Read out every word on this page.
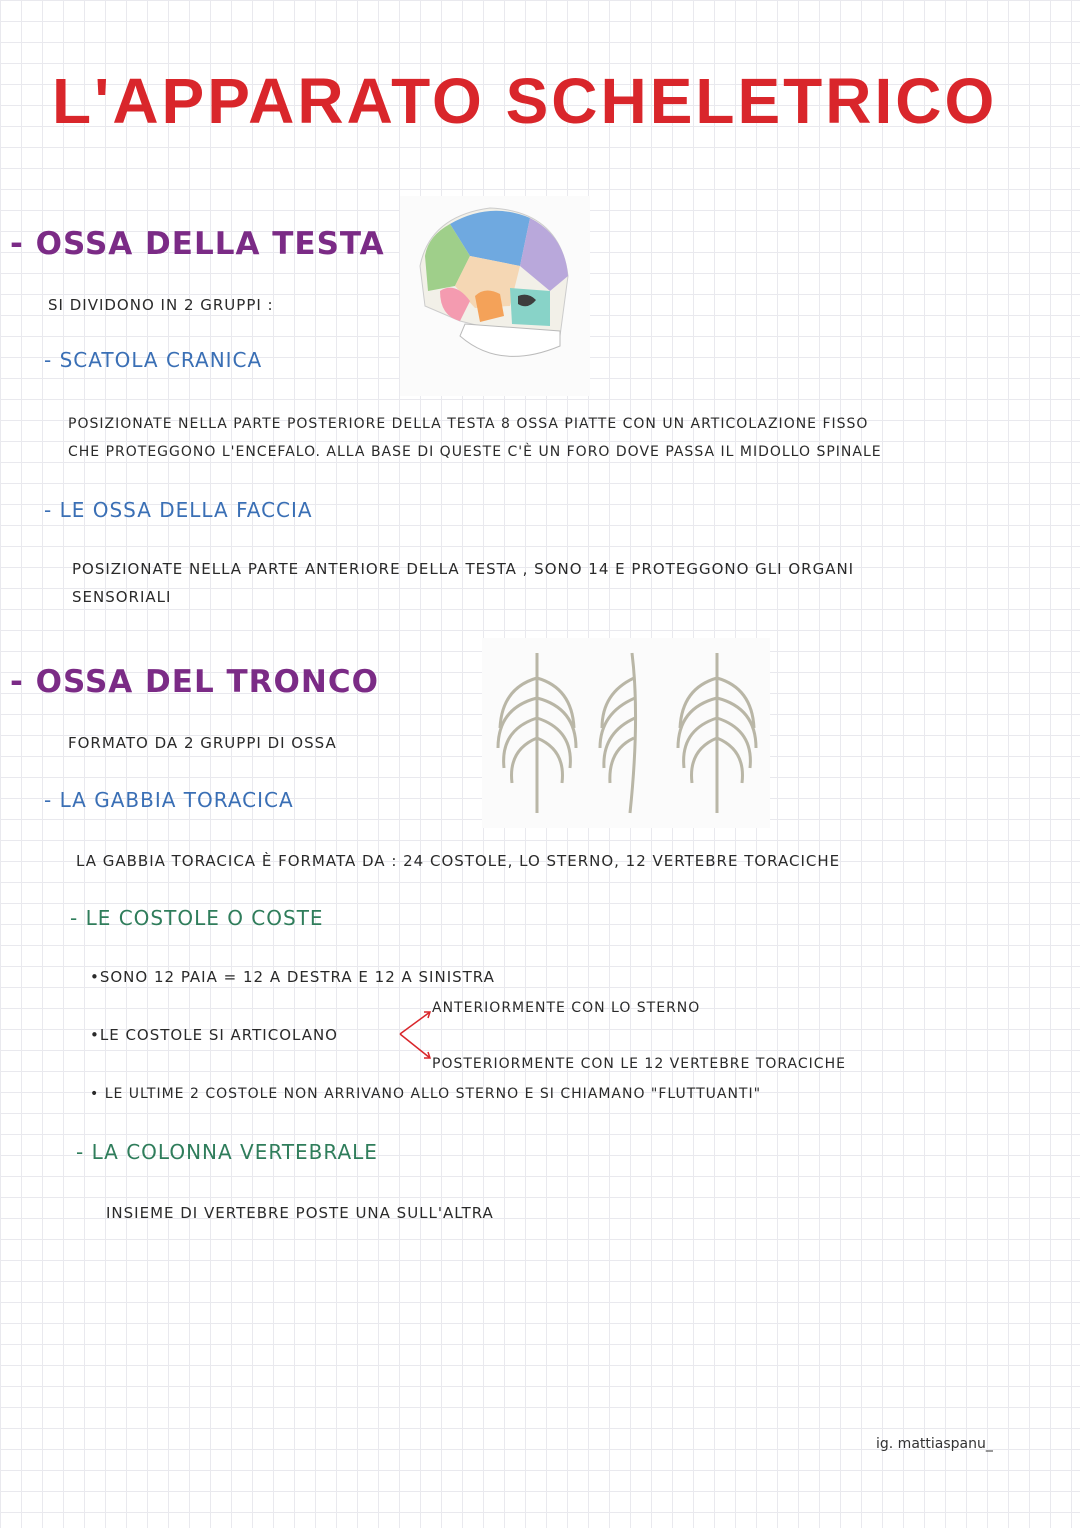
L'APPARATO SCHELETRICO
- OSSA DELLA TESTA
SI DIVIDONO IN 2 GRUPPI :
- SCATOLA CRANICA
POSIZIONATE NELLA PARTE POSTERIORE DELLA TESTA 8 OSSA PIATTE CON UN ARTICOLAZIONE FISSO
CHE PROTEGGONO L'ENCEFALO. ALLA BASE DI QUESTE C'È UN FORO DOVE PASSA IL MIDOLLO SPINALE
- LE OSSA DELLA FACCIA
POSIZIONATE NELLA PARTE ANTERIORE DELLA TESTA , SONO 14 E PROTEGGONO GLI ORGANI
SENSORIALI
- OSSA DEL TRONCO
FORMATO DA 2 GRUPPI DI OSSA
- LA GABBIA TORACICA
LA GABBIA TORACICA È FORMATA DA : 24 COSTOLE, LO STERNO, 12 VERTEBRE TORACICHE
- LE COSTOLE O COSTE
•SONO 12 PAIA = 12 A DESTRA E 12 A SINISTRA
ANTERIORMENTE CON LO STERNO
•LE COSTOLE SI ARTICOLANO
POSTERIORMENTE CON LE 12 VERTEBRE TORACICHE
• LE ULTIME 2 COSTOLE NON ARRIVANO ALLO STERNO E SI CHIAMANO "FLUTTUANTI"
- LA COLONNA VERTEBRALE
INSIEME DI VERTEBRE POSTE UNA SULL'ALTRA
ig. mattiaspanu_
